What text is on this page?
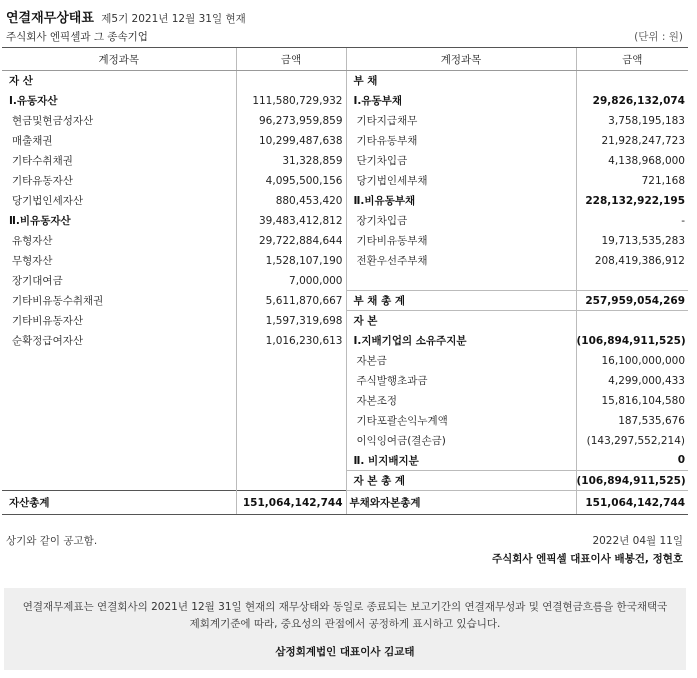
연결재무상태표 제5기 2021년 12월 31일 현재
주식회사 엔픽셀과 그 종속기업	(단위 : 원)
계정과목	금액	계정과목	금액
자 산		부 채	
Ⅰ.유동자산	111,580,729,932	Ⅰ.유동부채	29,826,132,074
현금및현금성자산	96,273,959,859	기타지급채무	3,758,195,183
매출채권	10,299,487,638	기타유동부채	21,928,247,723
기타수취채권	31,328,859	단기차입금	4,138,968,000
기타유동자산	4,095,500,156	당기법인세부채	721,168
당기법인세자산	880,453,420	Ⅱ.비유동부채	228,132,922,195
Ⅱ.비유동자산	39,483,412,812	장기차입금	-
유형자산	29,722,884,644	기타비유동부채	19,713,535,283
무형자산	1,528,107,190	전환우선주부채	208,419,386,912
장기대여금	7,000,000		
기타비유동수취채권	5,611,870,667	부 채 총 계	257,959,054,269
기타비유동자산	1,597,319,698	자 본	
순확정급여자산	1,016,230,613	Ⅰ.지배기업의 소유주지분	(106,894,911,525)
		자본금	16,100,000,000
		주식발행초과금	4,299,000,433
		자본조정	15,816,104,580
		기타포괄손익누계액	187,535,676
		이익잉여금(결손금)	(143,297,552,214)
		Ⅱ. 비지배지분	0
		자 본 총 계	(106,894,911,525)
자산총계	151,064,142,744	부채와자본총계	151,064,142,744
상기와 같이 공고함.	2022년 04월 11일
주식회사 엔픽셀 대표이사 배봉건, 정현호
연결재무제표는 연결회사의 2021년 12월 31일 현재의 재무상태와 동일로 종료되는 보고기간의 연결재무성과 및 연결현금흐름을 한국채택국제회계기준에 따라, 중요성의 관점에서 공정하게 표시하고 있습니다.
삼정회계법인 대표이사 김교태
